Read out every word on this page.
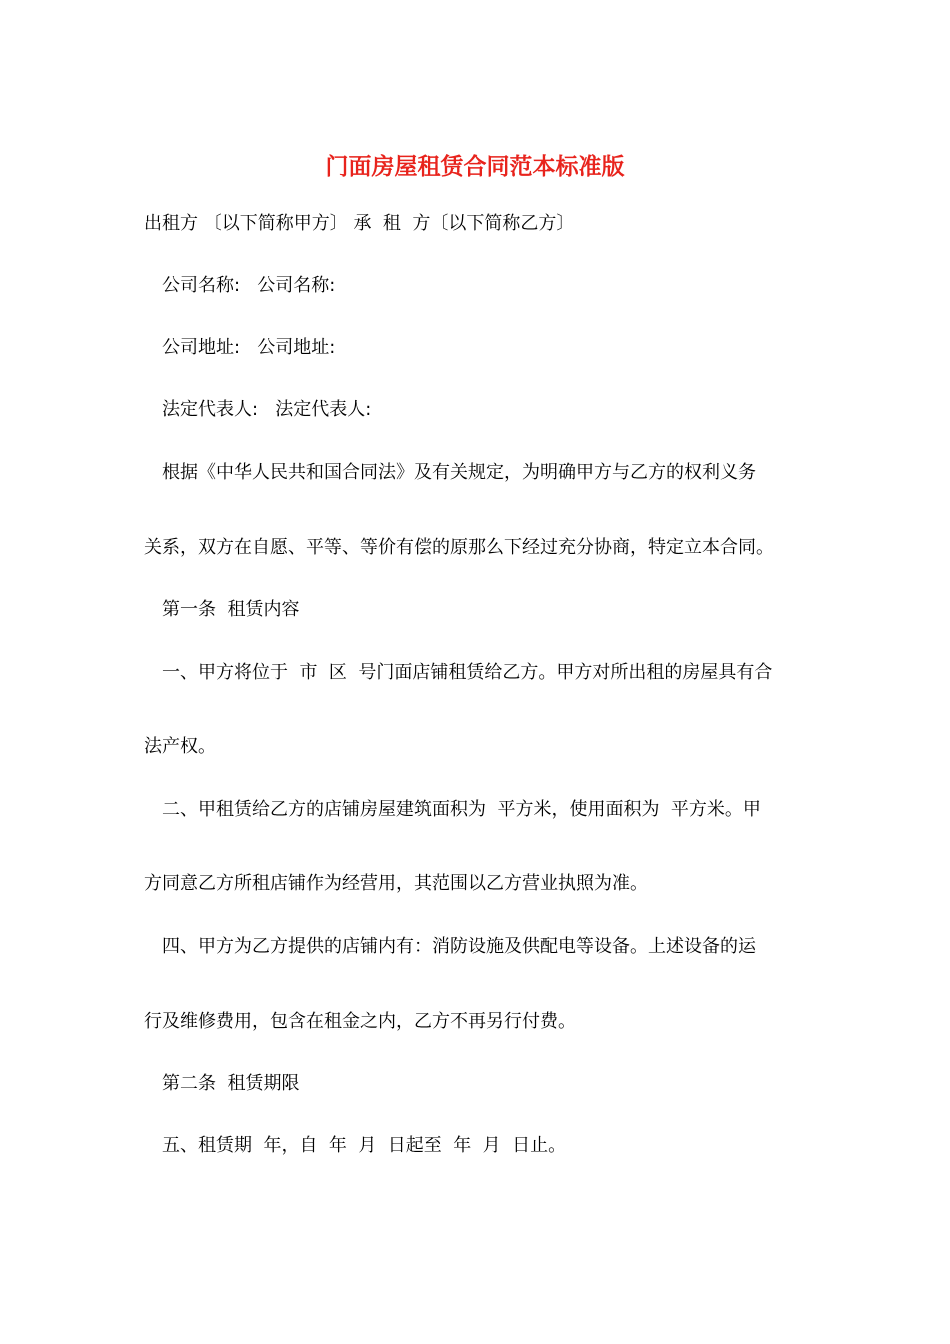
门面房屋租赁合同范本标准版
出租方 〔以下简称甲方〕 承  租  方〔以下简称乙方〕
公司名称:   公司名称:
公司地址:   公司地址:
法定代表人:   法定代表人:
根据《中华人民共和国合同法》及有关规定，为明确甲方与乙方的权利义务
关系，双方在自愿、平等、等价有偿的原那么下经过充分协商，特定立本合同。
第一条  租赁内容
一、甲方将位于  市  区  号门面店铺租赁给乙方。甲方对所出租的房屋具有合
法产权。
二、甲租赁给乙方的店铺房屋建筑面积为  平方米，使用面积为  平方米。甲
方同意乙方所租店铺作为经营用，其范围以乙方营业执照为准。
四、甲方为乙方提供的店铺内有：消防设施及供配电等设备。上述设备的运
行及维修费用，包含在租金之内，乙方不再另行付费。
第二条  租赁期限
五、租赁期  年，自  年  月  日起至  年  月  日止。
